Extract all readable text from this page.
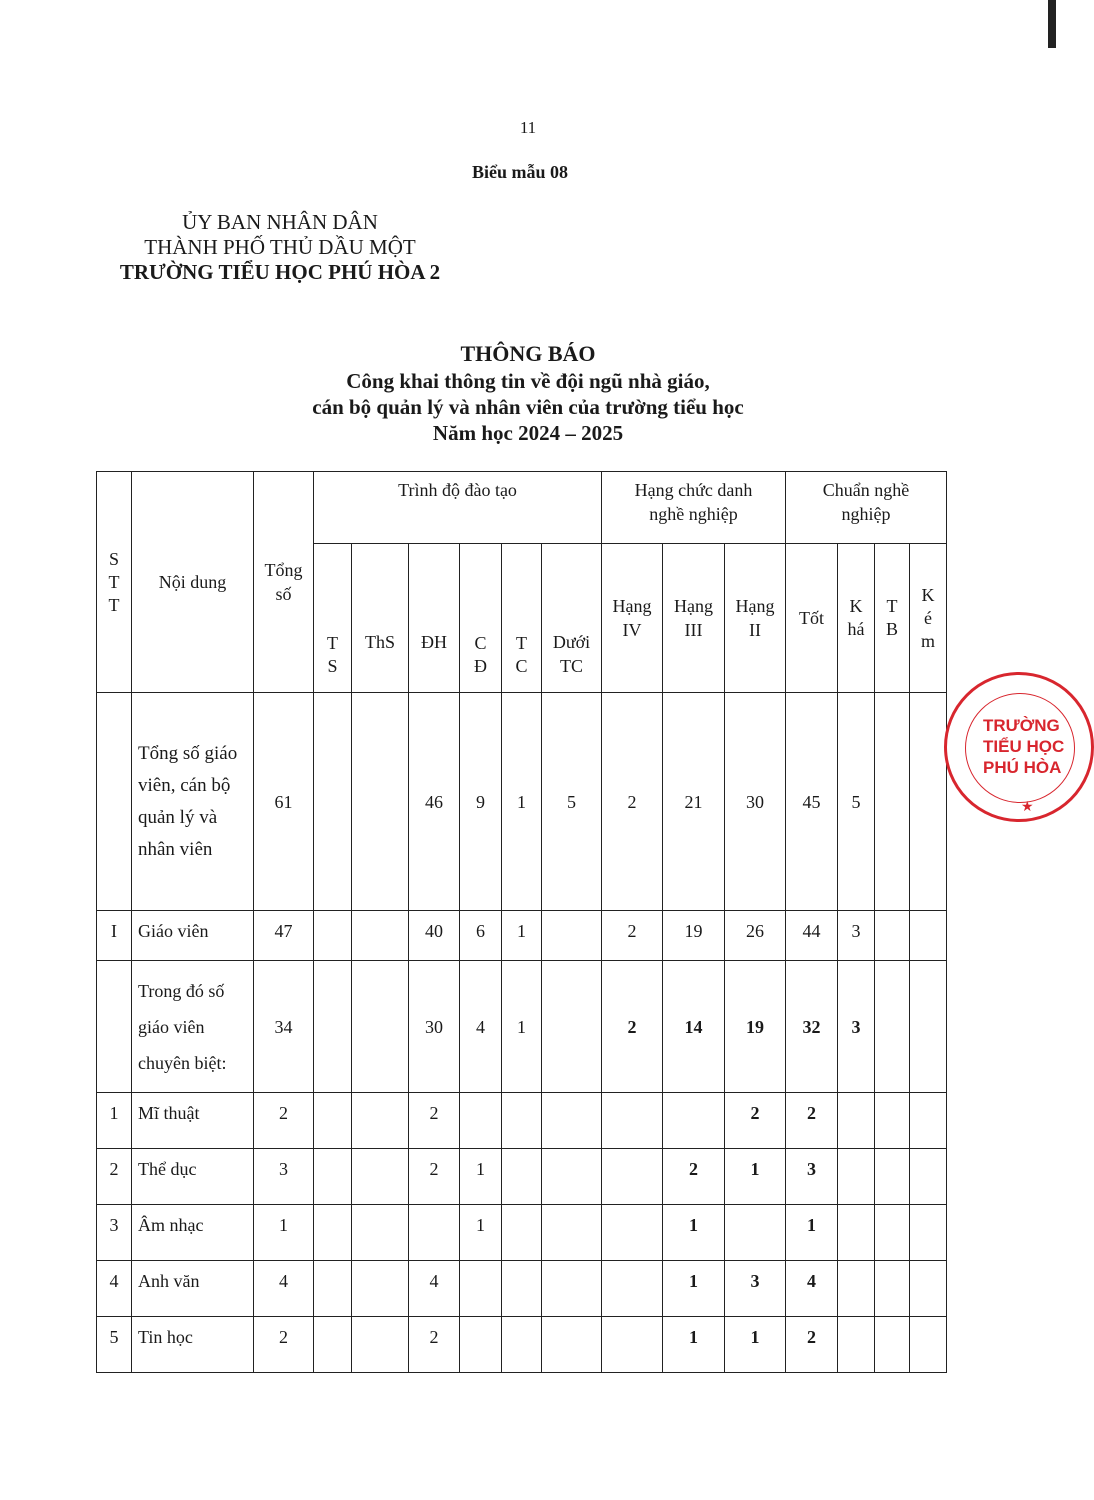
11
Biểu mẫu 08
ỦY BAN NHÂN DÂN
THÀNH PHỐ THỦ DẦU MỘT
TRƯỜNG TIỂU HỌC PHÚ HÒA 2
THÔNG BÁO
Công khai thông tin về đội ngũ nhà giáo,
cán bộ quản lý và nhân viên của trường tiểu học
Năm học 2024 – 2025
STT	Nội dung	Tổng số	Trình độ đào tạo						Hạng chức danh nghề nghiệp			Chuẩn nghề nghiệp			
			TS	ThS	ĐH	CĐ	TC	Dưới TC	Hạng IV	Hạng III	Hạng II	Tốt	Khá	TB	Kém
	Tổng số giáo viên, cán bộ quản lý và nhân viên	61			46	9	1	5	2	21	30	45	5		
I	Giáo viên	47			40	6	1		2	19	26	44	3		
	Trong đó số giáo viên chuyên biệt:	34			30	4	1		2	14	19	32	3		
1	Mĩ thuật	2			2						2	2			
2	Thể dục	3			2	1				2	1	3			
3	Âm nhạc	1				1				1		1			
4	Anh văn	4			4					1	3	4			
5	Tin học	2			2					1	1	2			
TRƯỜNG
TIỂU HỌC
PHÚ HÒA
★
